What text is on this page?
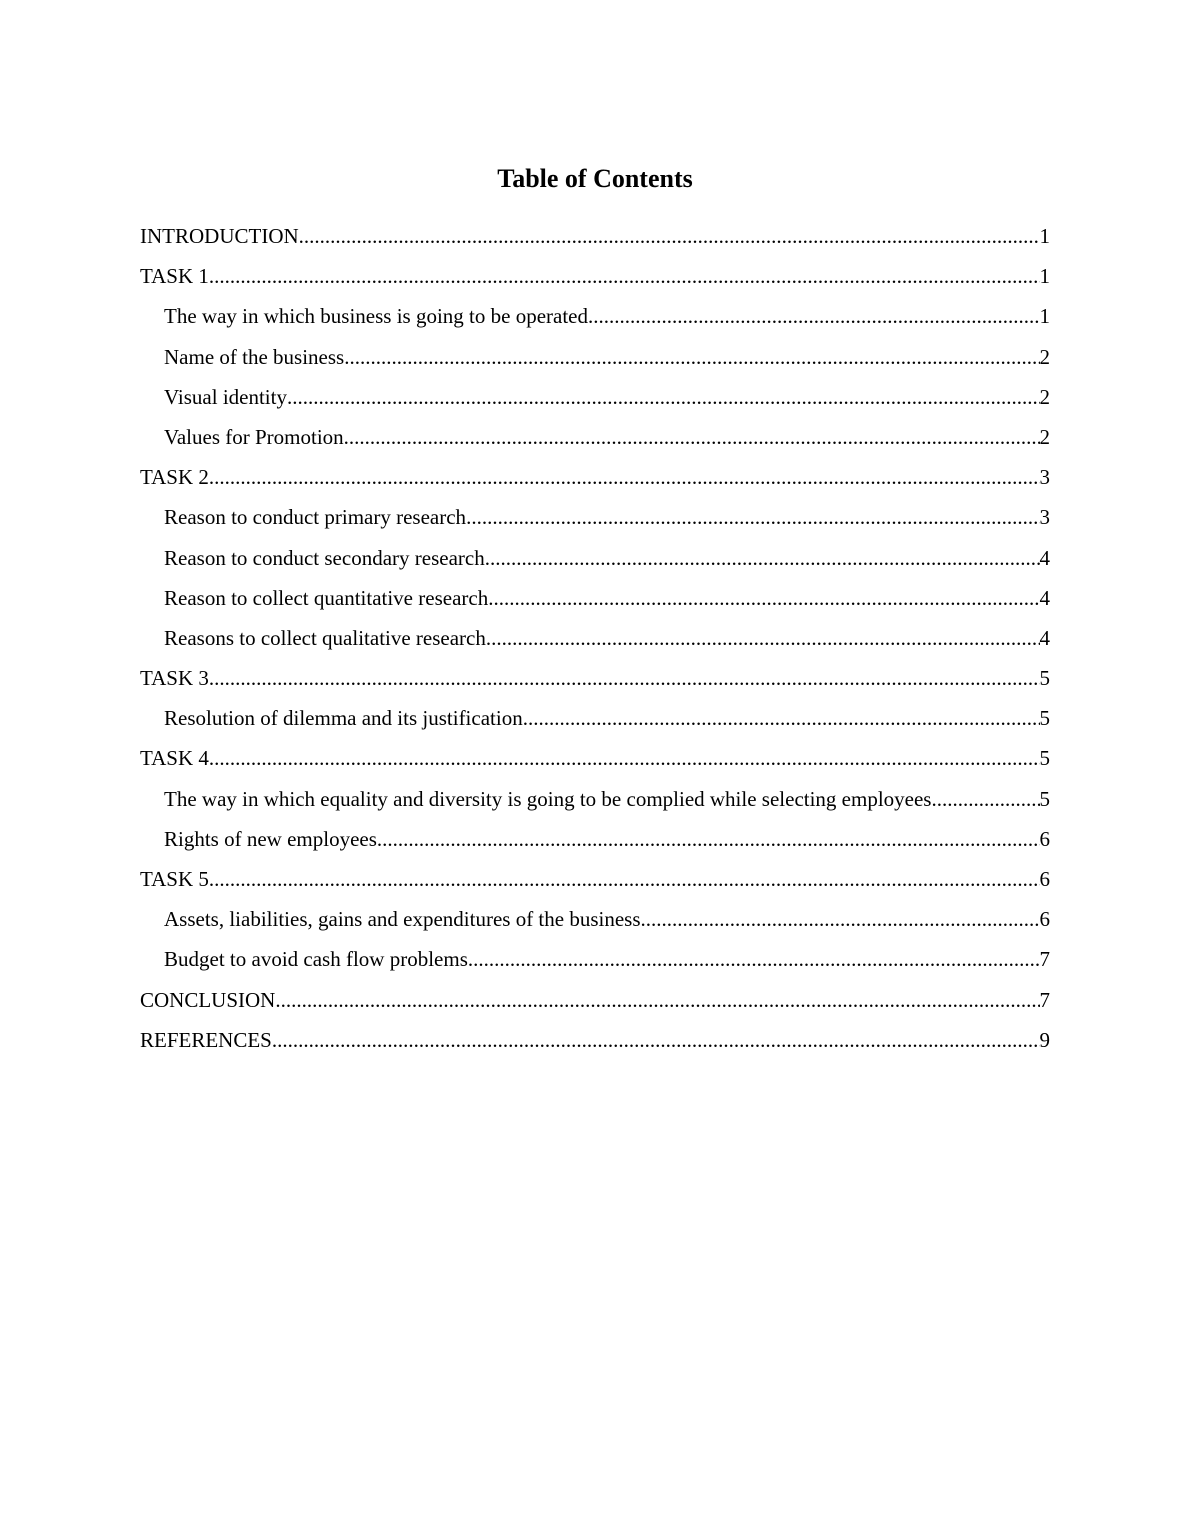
Table of Contents
INTRODUCTION .....	1
TASK 1 .....	1
The way in which business is going to be operated .....	1
Name of the business .....	2
Visual identity .....	2
Values for Promotion .....	2
TASK 2 .....	3
Reason to conduct primary research .....	3
Reason to conduct secondary research .....	4
Reason to collect quantitative research .....	4
Reasons to collect qualitative research .....	4
TASK 3 .....	5
Resolution of dilemma and its justification .....	5
TASK 4 .....	5
The way in which equality and diversity is going to be complied while selecting employees .....	5
Rights of new employees .....	6
TASK 5 .....	6
Assets, liabilities, gains and expenditures of the business .....	6
Budget to avoid cash flow problems .....	7
CONCLUSION .....	7
REFERENCES .....	9
